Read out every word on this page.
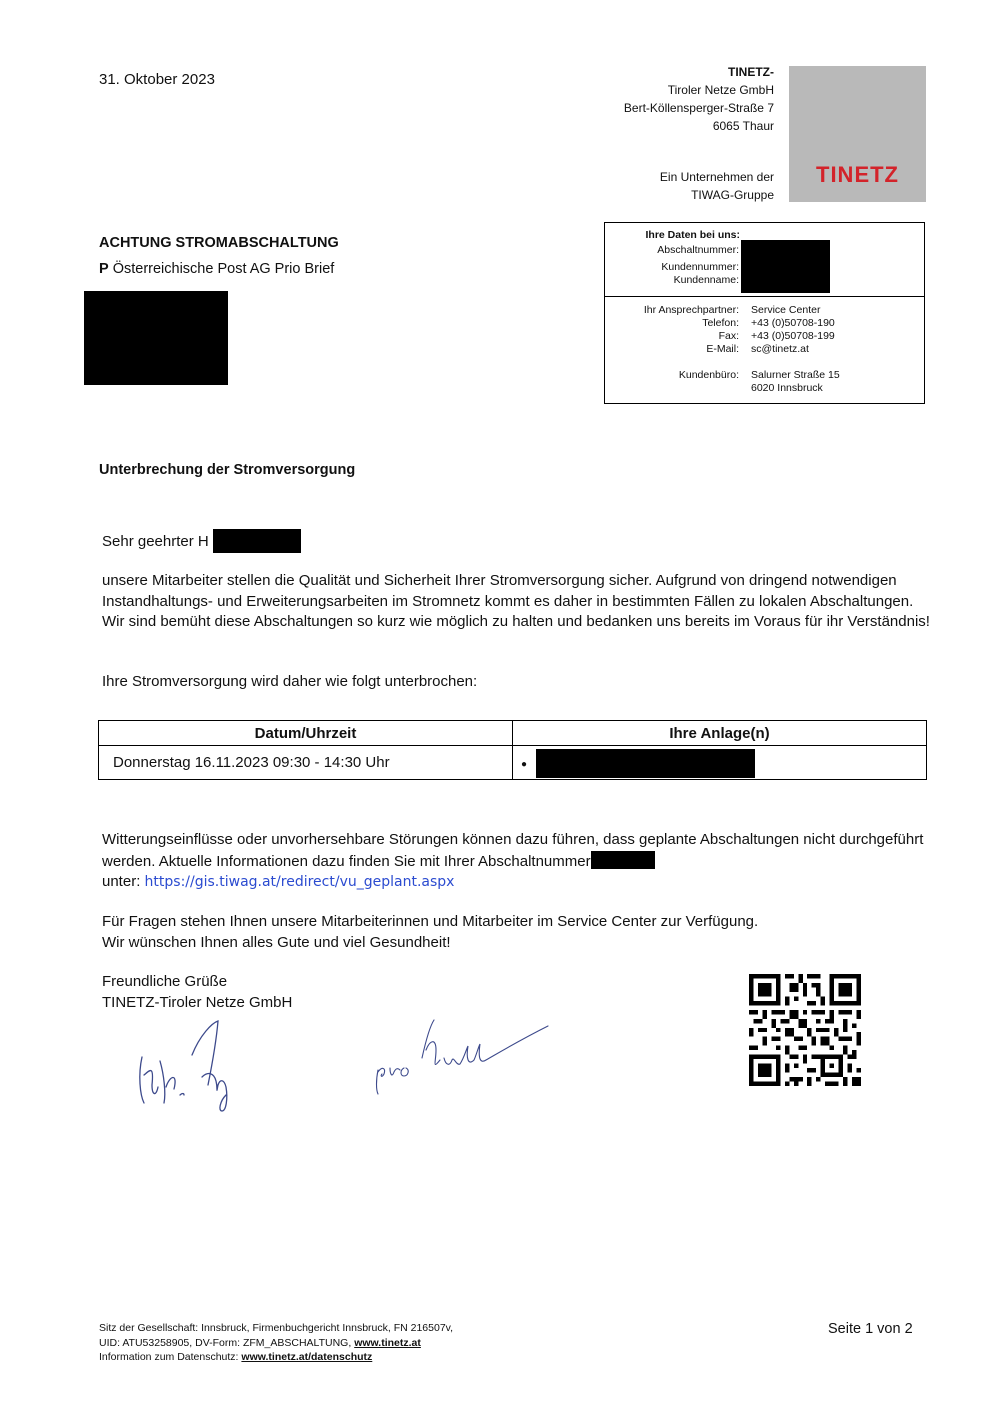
31. Oktober 2023	TINETZ-
Tiroler Netze GmbH
Bert-Köllensperger-Straße 7
6065 Thaur
Ein Unternehmen der
TIWAG-Gruppe
TINETZ
ACHTUNG STROMABSCHALTUNG
P Österreichische Post AG Prio Brief
Ihre Daten bei uns:
Abschaltnummer:
Kundennummer:
Kundenname:
Ihr Ansprechpartner: Service Center
Telefon: +43 (0)50708-190
Fax: +43 (0)50708-199
E-Mail: sc@tinetz.at
Kundenbüro: Salurner Straße 15
6020 Innsbruck
Unterbrechung der Stromversorgung
Sehr geehrter H
unsere Mitarbeiter stellen die Qualität und Sicherheit Ihrer Stromversorgung sicher. Aufgrund von dringend notwendigen Instandhaltungs- und Erweiterungsarbeiten im Stromnetz kommt es daher in bestimmten Fällen zu lokalen Abschaltungen. Wir sind bemüht diese Abschaltungen so kurz wie möglich zu halten und bedanken uns bereits im Voraus für ihr Verständnis!
Ihre Stromversorgung wird daher wie folgt unterbrochen:
Datum/Uhrzeit	Ihre Anlage(n)
Donnerstag 16.11.2023 09:30 - 14:30 Uhr	●
Witterungseinflüsse oder unvorhersehbare Störungen können dazu führen, dass geplante Abschaltungen nicht durchgeführt werden. Aktuelle Informationen dazu finden Sie mit Ihrer Abschaltnummer
unter: https://gis.tiwag.at/redirect/vu_geplant.aspx
Für Fragen stehen Ihnen unsere Mitarbeiterinnen und Mitarbeiter im Service Center zur Verfügung.
Wir wünschen Ihnen alles Gute und viel Gesundheit!
Freundliche Grüße
TINETZ-Tiroler Netze GmbH
Sitz der Gesellschaft: Innsbruck, Firmenbuchgericht Innsbruck, FN 216507v,
UID: ATU53258905, DV-Form: ZFM_ABSCHALTUNG, www.tinetz.at
Information zum Datenschutz: www.tinetz.at/datenschutz
Seite 1 von 2
